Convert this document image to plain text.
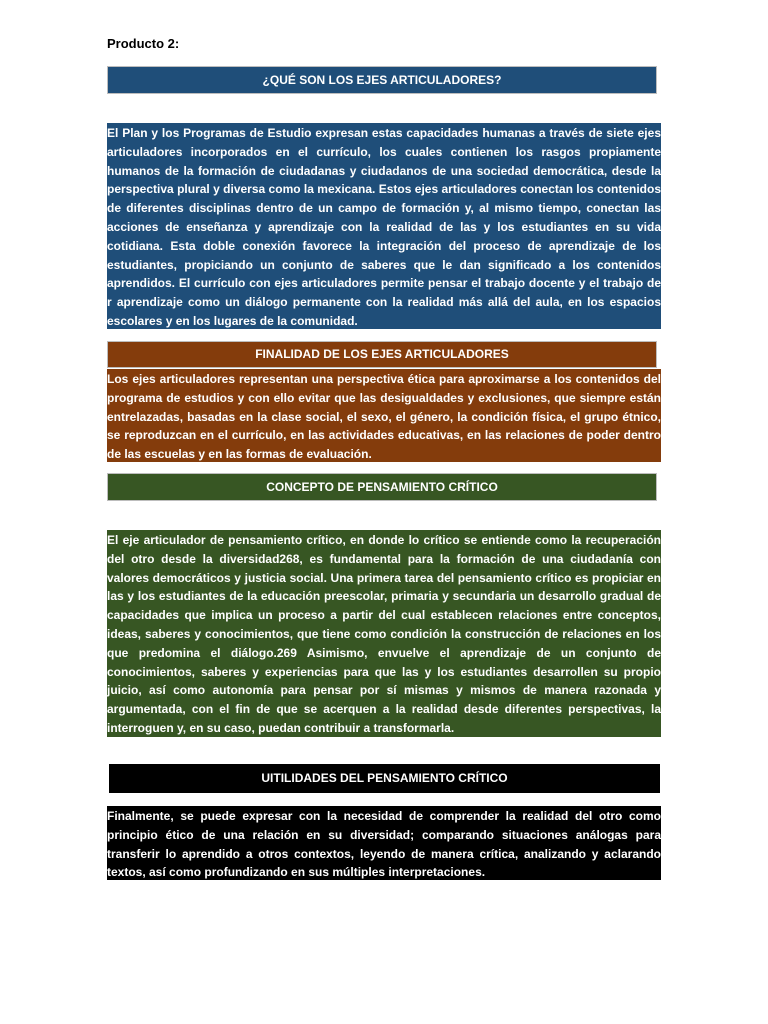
Producto 2:
¿QUÉ SON LOS EJES ARTICULADORES?
El Plan y los Programas de Estudio expresan estas capacidades humanas a través de siete ejes articuladores incorporados en el currículo, los cuales contienen los rasgos propiamente humanos de la formación de ciudadanas y ciudadanos de una sociedad democrática, desde la perspectiva plural y diversa como la mexicana. Estos ejes articuladores conectan los contenidos de diferentes disciplinas dentro de un campo de formación y, al mismo tiempo, conectan las acciones de enseñanza y aprendizaje con la realidad de las y los estudiantes en su vida cotidiana. Esta doble conexión favorece la integración del proceso de aprendizaje de los estudiantes, propiciando un conjunto de saberes que le dan significado a los contenidos aprendidos. El currículo con ejes articuladores permite pensar el trabajo docente y el trabajo de r aprendizaje como un diálogo permanente con la realidad más allá del aula, en los espacios escolares y en los lugares de la comunidad.
FINALIDAD DE LOS EJES ARTICULADORES
Los ejes articuladores representan una perspectiva ética para aproximarse a los contenidos del programa de estudios y con ello evitar que las desigualdades y exclusiones, que siempre están entrelazadas, basadas en la clase social, el sexo, el género, la condición física, el grupo étnico, se reproduzcan en el currículo, en las actividades educativas, en las relaciones de poder dentro de las escuelas y en las formas de evaluación.
CONCEPTO DE PENSAMIENTO CRÍTICO
El eje articulador de pensamiento crítico, en donde lo crítico se entiende como la recuperación del otro desde la diversidad268, es fundamental para la formación de una ciudadanía con valores democráticos y justicia social. Una primera tarea del pensamiento crítico es propiciar en las y los estudiantes de la educación preescolar, primaria y secundaria un desarrollo gradual de capacidades que implica un proceso a partir del cual establecen relaciones entre conceptos, ideas, saberes y conocimientos, que tiene como condición la construcción de relaciones en los que predomina el diálogo.269 Asimismo, envuelve el aprendizaje de un conjunto de conocimientos, saberes y experiencias para que las y los estudiantes desarrollen su propio juicio, así como autonomía para pensar por sí mismas y mismos de manera razonada y argumentada, con el fin de que se acerquen a la realidad desde diferentes perspectivas, la interroguen y, en su caso, puedan contribuir a transformarla.
UITILIDADES DEL PENSAMIENTO CRÍTICO
Finalmente, se puede expresar con la necesidad de comprender la realidad del otro como principio ético de una relación en su diversidad; comparando situaciones análogas para transferir lo aprendido a otros contextos, leyendo de manera crítica, analizando y aclarando textos, así como profundizando en sus múltiples interpretaciones.
